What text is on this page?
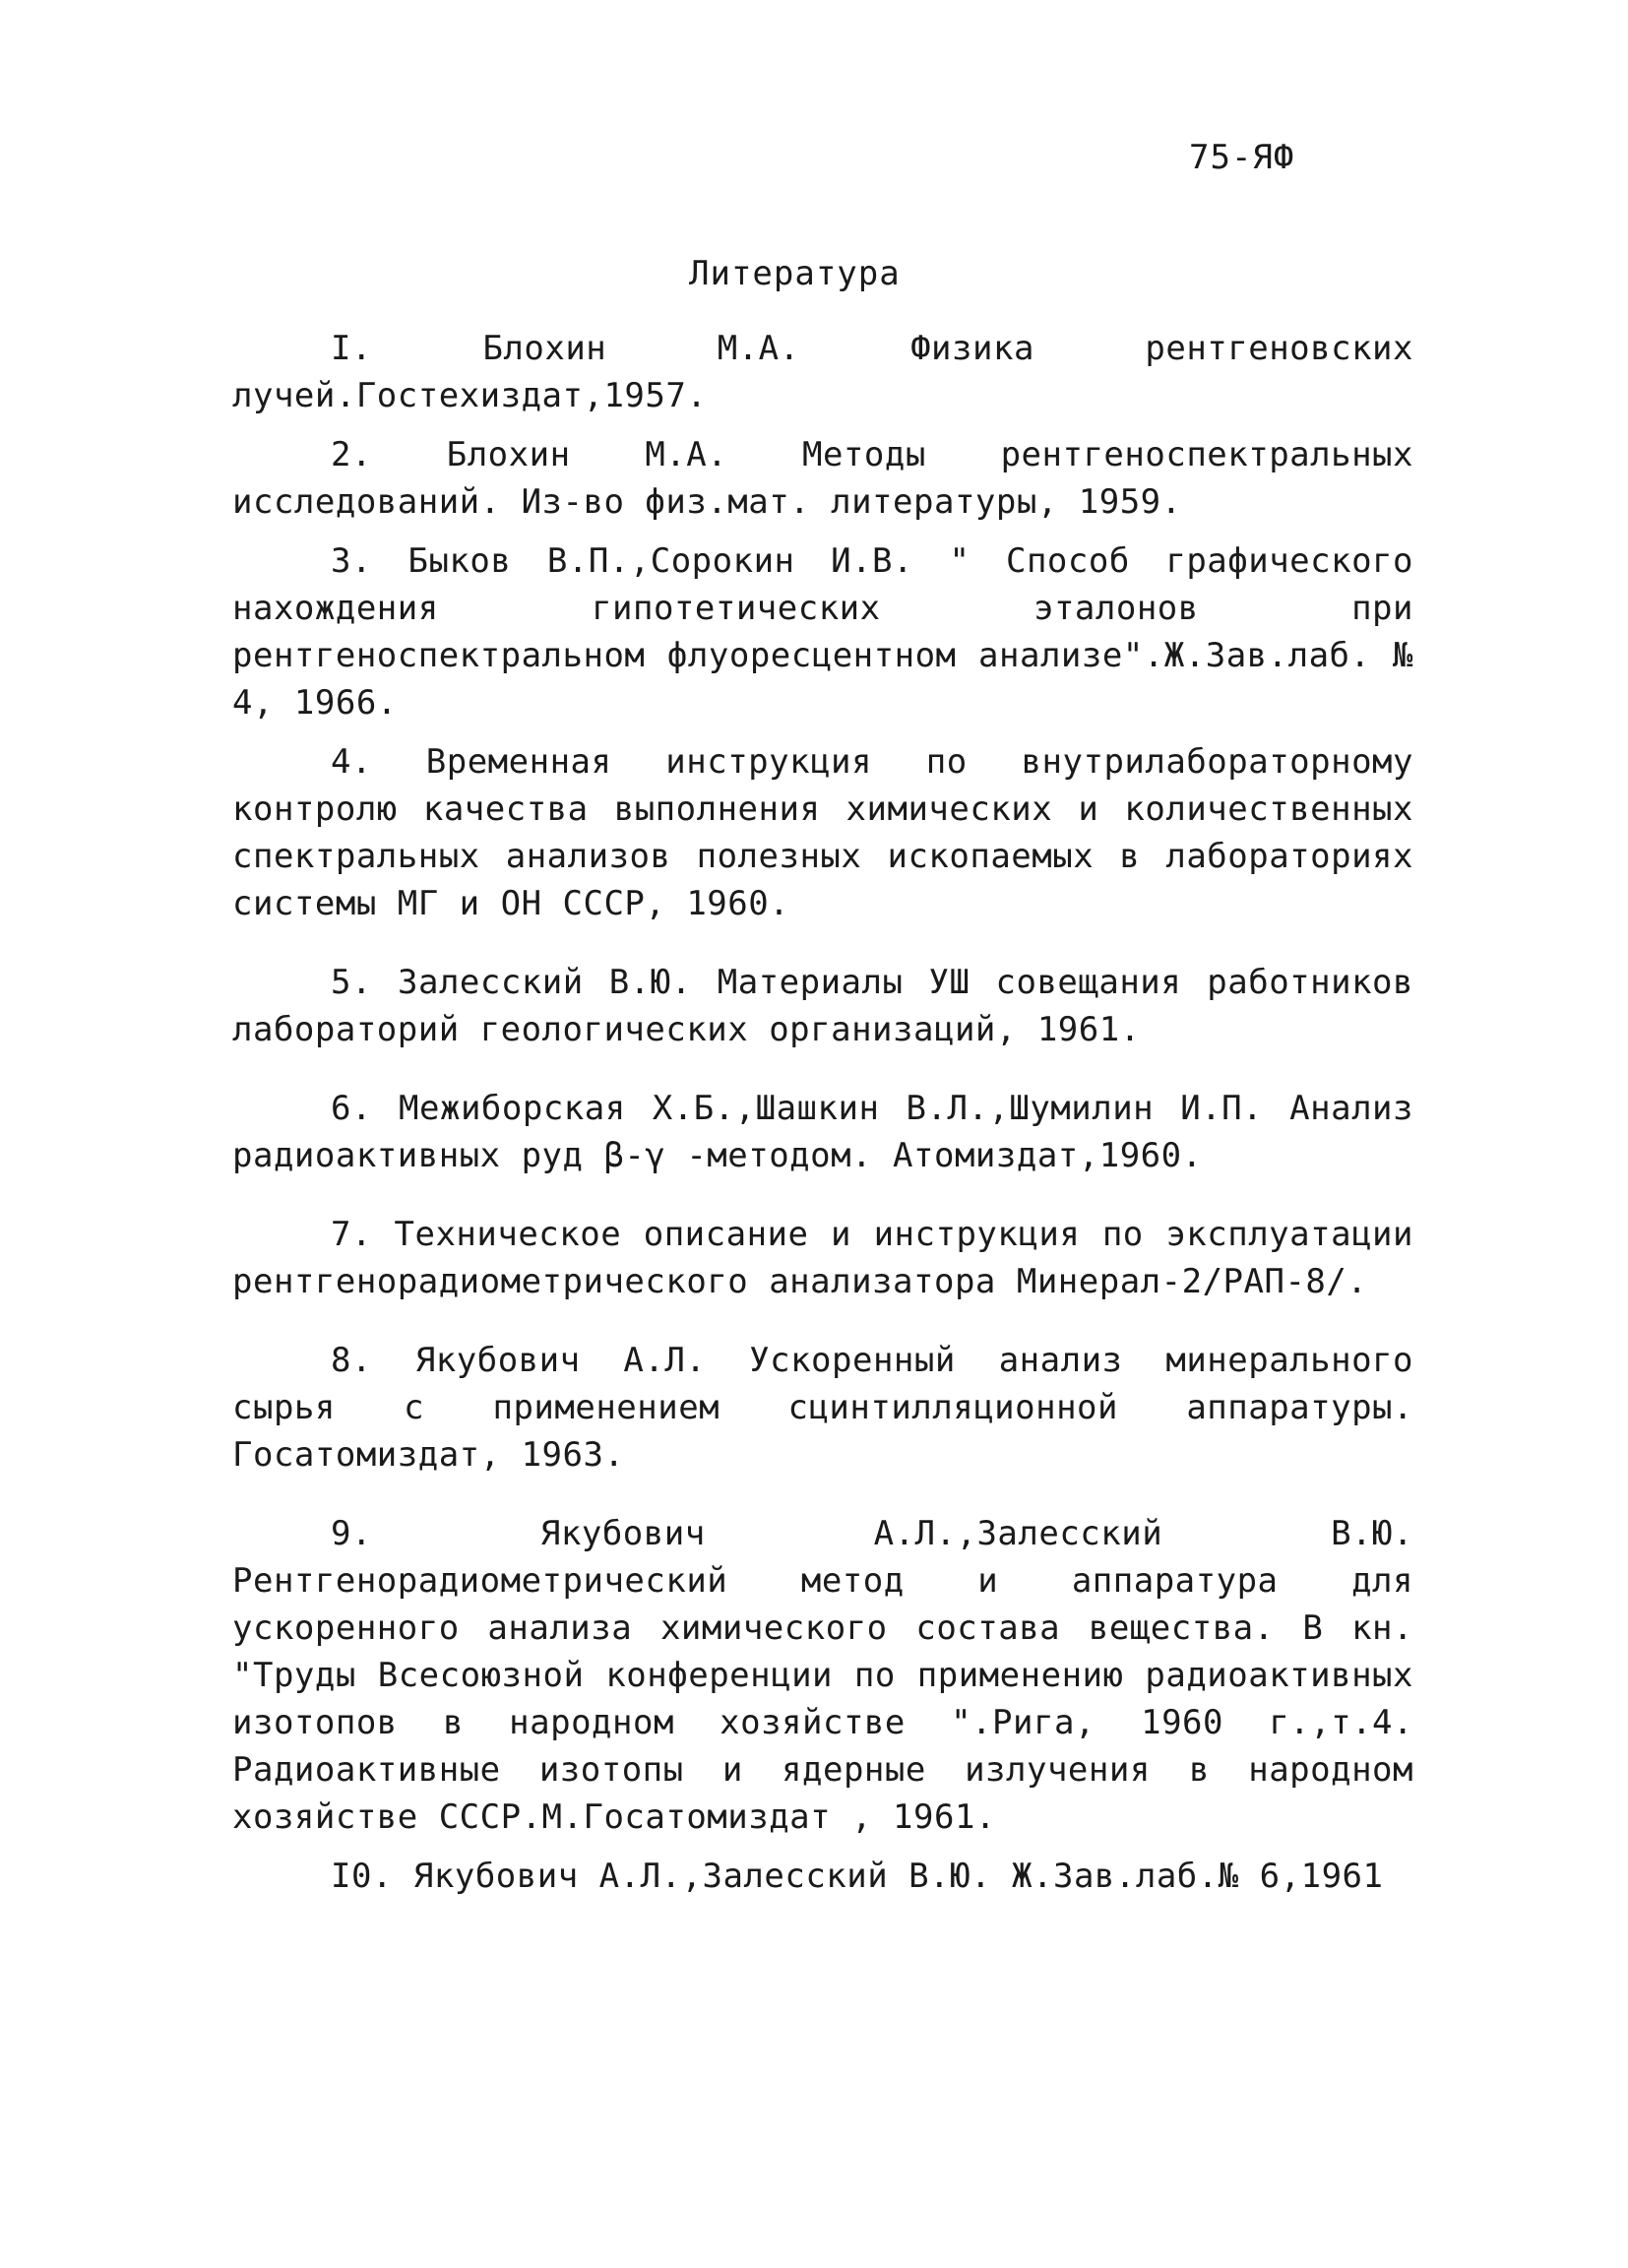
75-ЯФ
Литература
I.	Блохин М.А. Физика рентгеновских лучей.Гостехиздат,1957.
2. Блохин М.А. Методы рентгеноспектральных исследований. Из-во физ.мат. литературы, 1959.
3. Быков В.П.,Сорокин И.В. " Способ графического нахождения гипотетических эталонов при рентгеноспектральном флуоресцентном анализе".Ж.Зав.лаб. № 4, 1966.
4. Временная инструкция по внутрилабораторному контролю качества выполнения химических и количественных спектральных анализов полезных ископаемых в лабораториях системы МГ и ОН СССР, 1960.
5. Залесский В.Ю. Материалы УШ совещания работников лабораторий геологических организаций, 1961.
6. Межиборская Х.Б.,Шашкин В.Л.,Шумилин И.П. Анализ радиоактивных руд β-γ -методом. Атомиздат,1960.
7. Техническое описание и инструкция по эксплуатации рентгенорадиометрического анализатора Минерал-2/РАП-8/.
8. Якубович А.Л. Ускоренный анализ минерального сырья с применением сцинтилляционной аппаратуры. Госатомиздат, 1963.
9.	Якубович А.Л.,Залесский В.Ю. Рентгенорадиометрический метод и аппаратура для ускоренного анализа химического состава вещества. В кн. "Труды Всесоюзной конференции по применению радиоактивных изотопов в народном хозяйстве ".Рига, 1960 г.,т.4. Радиоактивные изотопы и ядерные излучения в народном хозяйстве СССР.М.Госатомиздат , 1961.
I0. Якубович А.Л.,Залесский В.Ю. Ж.Зав.лаб.№ 6,1961
